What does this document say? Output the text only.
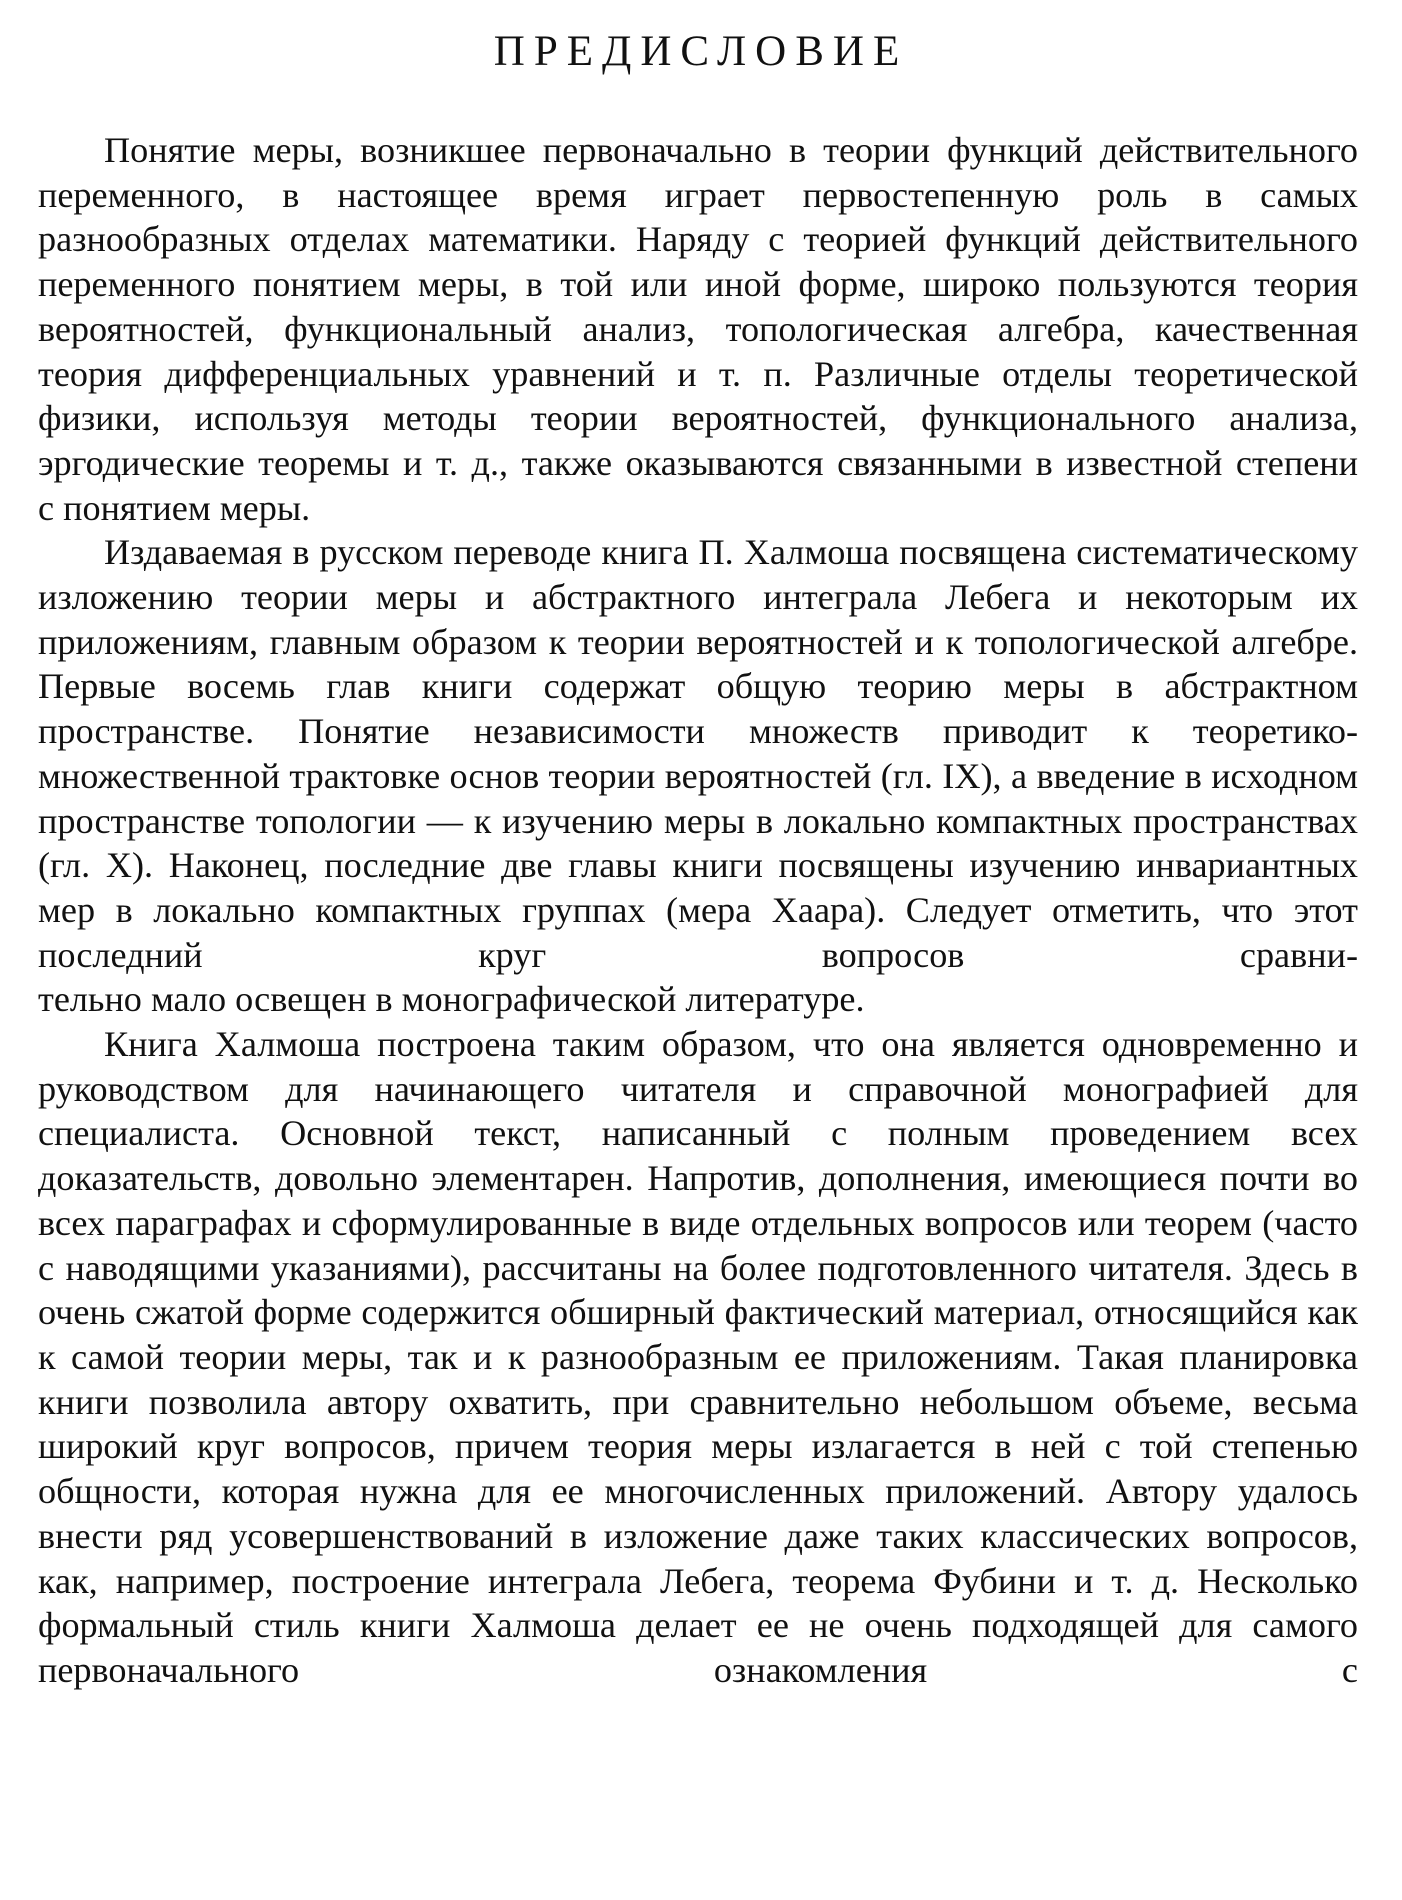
ПРЕДИСЛОВИЕ

Понятие меры, возникшее первоначально в теории функций действительного переменного, в настоящее время играет первостепенную роль в самых разнообразных отделах математики. Наряду с теорией функций действительного переменного понятием меры, в той или иной форме, широко пользуются теория вероятностей, функциональный анализ, топологическая алгебра, качественная теория дифференциальных уравнений и т. п. Различные отделы теоретической физики, используя методы теории вероятностей, функционального анализа, эргодические теоремы и т. д., также оказываются связанными в известной степени

с понятием меры.

Издаваемая в русском переводе книга П. Халмоша посвящена систематическому изложению теории меры и абстрактного интеграла Лебега и некоторым их приложениям, главным образом к теории вероятностей и к топологической алгебре. Первые восемь глав книги содержат общую теорию меры в абстрактном пространстве. Понятие независимости множеств приводит к теоретико-множественной трактовке основ теории вероятностей (гл. IX), а введение в исходном пространстве топологии — к изучению меры в локально компактных пространствах (гл. X). Наконец, последние две главы книги посвящены изучению инвариантных мер в локально компактных группах (мера Хаара). Следует отметить, что этот последний круг вопросов сравни-

тельно мало освещен в монографической литературе.

Книга Халмоша построена таким образом, что она является одновременно и руководством для начинающего читателя и справочной монографией для специалиста. Основной текст, написанный с полным проведением всех доказательств, довольно элементарен. Напротив, дополнения, имеющиеся почти во всех параграфах и сформулированные в виде отдельных вопросов или теорем (часто с наводящими указаниями), рассчитаны на более подготовленного читателя. Здесь в очень сжатой форме содержится обширный фактический материал, относящийся как к самой теории меры, так и к разнообразным ее приложениям. Такая планировка книги позволила автору охватить, при сравнительно небольшом объеме, весьма широкий круг вопросов, причем теория меры излагается в ней с той степенью общности, которая нужна для ее многочисленных приложений. Автору удалось внести ряд усовершенствований в изложение даже таких классических вопросов, как, например, построение интеграла Лебега, теорема Фубини и т. д. Несколько формальный стиль книги Халмоша делает ее не очень подходящей для самого первоначального ознакомления с
